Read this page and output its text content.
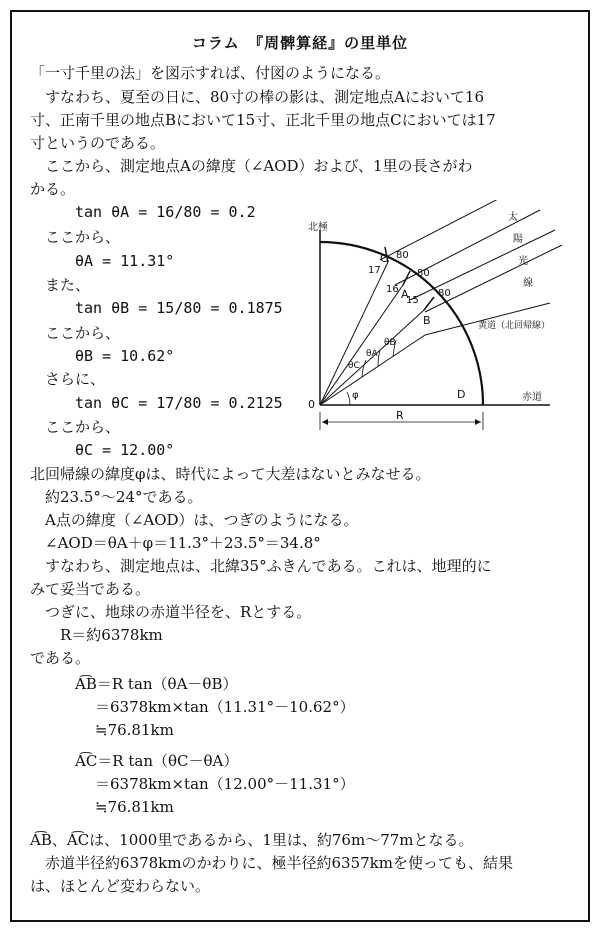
コラム　『周髀算経』の里単位
「一寸千里の法」を図示すれば、付図のようになる。
　すなわち、夏至の日に、80寸の棒の影は、測定地点Aにおいて16
寸、正南千里の地点Bにおいて15寸、正北千里の地点Cにおいては17
寸というのである。
　ここから、測定地点Aの緯度（∠AOD）および、1里の長さがわ
かる。
tan θA = 16/80 = 0.2
ここから、
θA = 11.31°
また、
tan θB = 15/80 = 0.1875
ここから、
θB = 10.62°
さらに、
tan θC = 17/80 = 0.2125
ここから、
θC = 12.00°
北回帰線の緯度φは、時代によって大差はないとみなせる。
　約23.5°～24°である。
　A点の緯度（∠AOD）は、つぎのようになる。
　∠AOD＝θA＋φ＝11.3°＋23.5°＝34.8°
　すなわち、測定地点は、北緯35°ふきんである。これは、地理的に
みて妥当である。
　つぎに、地球の赤道半径を、Rとする。
　　R＝約6378km
である。
A͡B＝R tan（θA－θB）
＝6378km×tan（11.31°－10.62°）
≒76.81km
A͡C＝R tan（θC－θA）
＝6378km×tan（12.00°－11.31°）
≒76.81km
A͡B、A͡Cは、1000里であるから、1里は、約76m～77mとなる。
　赤道半径約6378kmのかわりに、極半径約6357kmを使っても、結果
は、ほとんど変わらない。
北極
赤道
太
陽
光
線
黄道（北回帰線）
80
80
80
17
16
15
C
A
B
D
0
θC
θA
θB
φ
R
